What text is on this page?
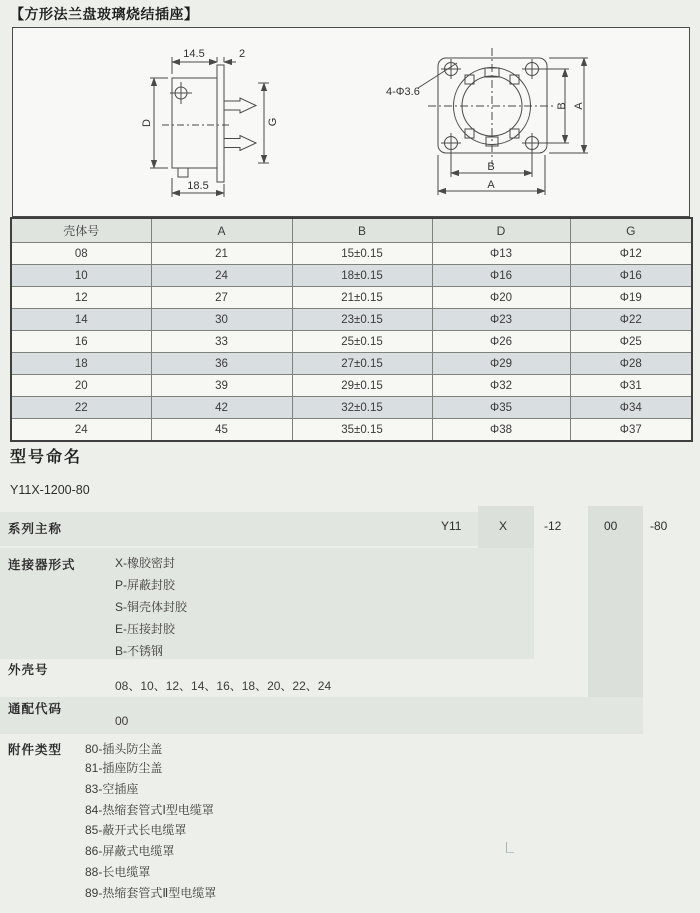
【方形法兰盘玻璃烧结插座】
14.5	2
18.5
D	G
4-Φ3.6
B A
B
A
壳体号	A	B	D	G
08	21	15±0.15	Φ13	Φ12
10	24	18±0.15	Φ16	Φ16
12	27	21±0.15	Φ20	Φ19
14	30	23±0.15	Φ23	Φ22
16	33	25±0.15	Φ26	Φ25
18	36	27±0.15	Φ29	Φ28
20	39	29±0.15	Φ32	Φ31
22	42	32±0.15	Φ35	Φ34
24	45	35±0.15	Φ38	Φ37
型号命名
Y11X-1200-80
系列主称	Y11	X	-12	00	-80
连接器形式	X-橡胶密封
P-屏蔽封胶
S-铜壳体封胶
E-压接封胶
B-不锈钢
外壳号
08、10、12、14、16、18、20、22、24
通配代码
00
附件类型 80-插头防尘盖
81-插座防尘盖
83-空插座
84-热缩套管式Ⅰ型电缆罩
85-蔽开式长电缆罩
86-屏蔽式电缆罩
88-长电缆罩
89-热缩套管式Ⅱ型电缆罩
